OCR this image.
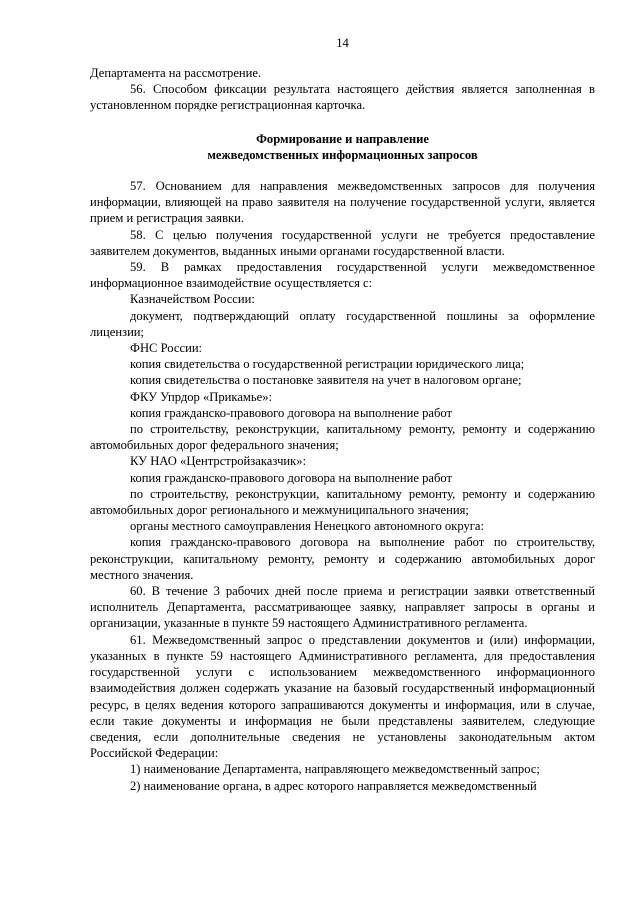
14

Департамента на рассмотрение.

56. Способом фиксации результата настоящего действия является заполненная в установленном порядке регистрационная карточка.

Формирование и направление

межведомственных информационных запросов

57. Основанием для направления межведомственных запросов для получения информации, влияющей на право заявителя на получение государственной услуги, является прием и регистрация заявки.

58. С целью получения государственной услуги не требуется предоставление заявителем документов, выданных иными органами государственной власти.

59. В рамках предоставления государственной услуги межведомственное информационное взаимодействие осуществляется с:

Казначейством России:

документ, подтверждающий оплату государственной пошлины за оформление лицензии;

ФНС России:

копия свидетельства о государственной регистрации юридического лица;

копия свидетельства о постановке заявителя на учет в налоговом органе;

ФКУ Упрдор «Прикамье»:

копия гражданско-правового договора на выполнение работ

по строительству, реконструкции, капитальному ремонту, ремонту и содержанию автомобильных дорог федерального значения;

КУ НАО «Центрстройзаказчик»:

копия гражданско-правового договора на выполнение работ

по строительству, реконструкции, капитальному ремонту, ремонту и содержанию автомобильных дорог регионального и межмуниципального значения;

органы местного самоуправления Ненецкого автономного округа:

копия гражданско-правового договора на выполнение работ по строительству, реконструкции, капитальному ремонту, ремонту и содержанию автомобильных дорог местного значения.

60. В течение 3 рабочих дней после приема и регистрации заявки ответственный исполнитель Департамента, рассматривающее заявку, направляет запросы в органы и организации, указанные в пункте 59 настоящего Административного регламента.

61. Межведомственный запрос о представлении документов и (или) информации, указанных в пункте 59 настоящего Административного регламента, для предоставления государственной услуги с использованием межведомственного информационного взаимодействия должен содержать указание на базовый государственный информационный ресурс, в целях ведения которого запрашиваются документы и информация, или в случае, если такие документы и информация не были представлены заявителем, следующие сведения, если дополнительные сведения не установлены законодательным актом Российской Федерации:

1) наименование Департамента, направляющего межведомственный запрос;

2) наименование органа, в адрес которого направляется межведомственный
